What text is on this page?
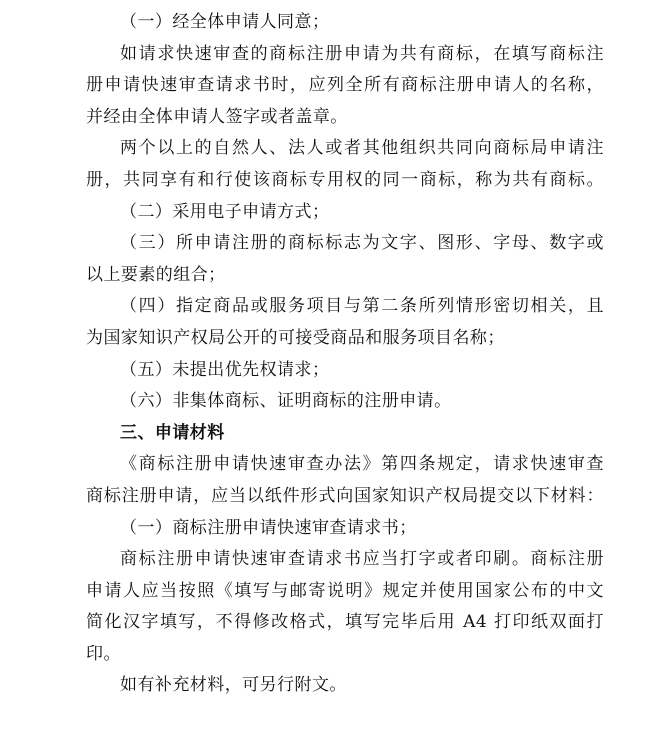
（一）经全体申请人同意；
如请求快速审查的商标注册申请为共有商标，在填写商标注
册申请快速审查请求书时，应列全所有商标注册申请人的名称，
并经由全体申请人签字或者盖章。
两个以上的自然人、法人或者其他组织共同向商标局申请注
册，共同享有和行使该商标专用权的同一商标，称为共有商标。
（二）采用电子申请方式；
（三）所申请注册的商标标志为文字、图形、字母、数字或
以上要素的组合；
（四）指定商品或服务项目与第二条所列情形密切相关，且
为国家知识产权局公开的可接受商品和服务项目名称；
（五）未提出优先权请求；
（六）非集体商标、证明商标的注册申请。
三、申请材料
《商标注册申请快速审查办法》第四条规定，请求快速审查
商标注册申请，应当以纸件形式向国家知识产权局提交以下材料：
（一）商标注册申请快速审查请求书；
商标注册申请快速审查请求书应当打字或者印刷。商标注册
申请人应当按照《填写与邮寄说明》规定并使用国家公布的中文
简化汉字填写，不得修改格式，填写完毕后用 A4 打印纸双面打
印。
如有补充材料，可另行附文。
